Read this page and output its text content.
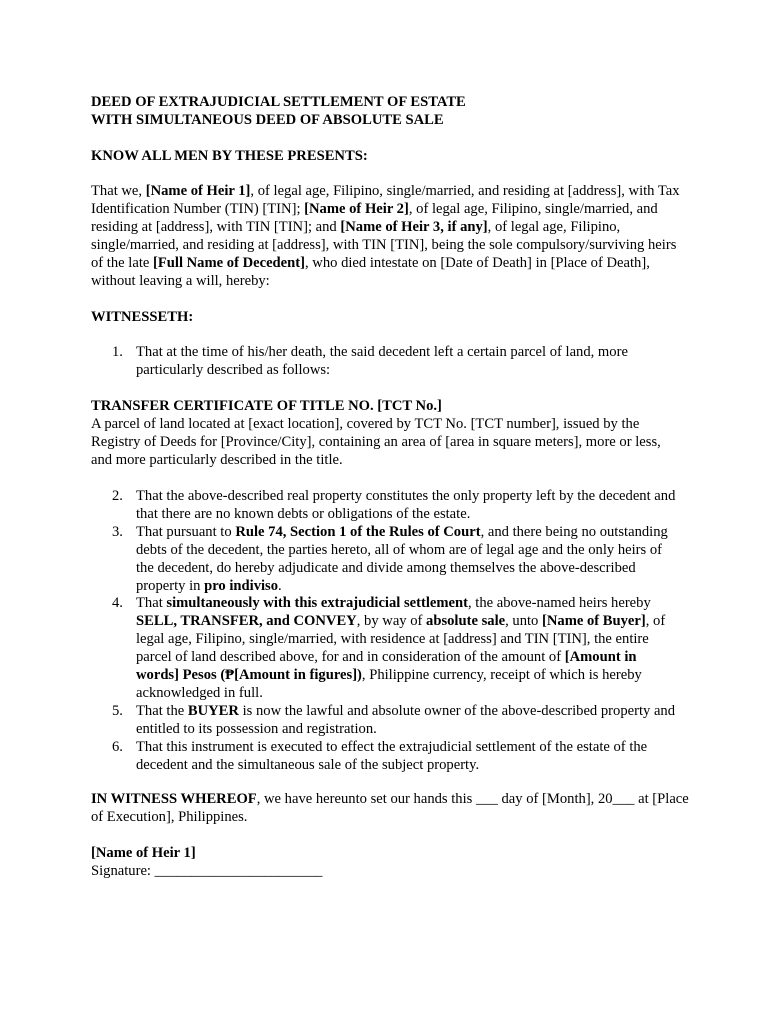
DEED OF EXTRAJUDICIAL SETTLEMENT OF ESTATE
WITH SIMULTANEOUS DEED OF ABSOLUTE SALE

KNOW ALL MEN BY THESE PRESENTS:

That we, [Name of Heir 1], of legal age, Filipino, single/married, and residing at [address], with Tax Identification Number (TIN) [TIN]; [Name of Heir 2], of legal age, Filipino, single/married, and residing at [address], with TIN [TIN]; and [Name of Heir 3, if any], of legal age, Filipino, single/married, and residing at [address], with TIN [TIN], being the sole compulsory/surviving heirs of the late [Full Name of Decedent], who died intestate on [Date of Death] in [Place of Death], without leaving a will, hereby:

WITNESSETH:

1. That at the time of his/her death, the said decedent left a certain parcel of land, more particularly described as follows:

TRANSFER CERTIFICATE OF TITLE NO. [TCT No.]

A parcel of land located at [exact location], covered by TCT No. [TCT number], issued by the Registry of Deeds for [Province/City], containing an area of [area in square meters], more or less, and more particularly described in the title.

2. That the above-described real property constitutes the only property left by the decedent and that there are no known debts or obligations of the estate.
3. That pursuant to Rule 74, Section 1 of the Rules of Court, and there being no outstanding debts of the decedent, the parties hereto, all of whom are of legal age and the only heirs of the decedent, do hereby adjudicate and divide among themselves the above-described property in pro indiviso.
4. That simultaneously with this extrajudicial settlement, the above-named heirs hereby SELL, TRANSFER, and CONVEY, by way of absolute sale, unto [Name of Buyer], of legal age, Filipino, single/married, with residence at [address] and TIN [TIN], the entire parcel of land described above, for and in consideration of the amount of [Amount in words] Pesos (₱[Amount in figures]), Philippine currency, receipt of which is hereby acknowledged in full.
5. That the BUYER is now the lawful and absolute owner of the above-described property and entitled to its possession and registration.
6. That this instrument is executed to effect the extrajudicial settlement of the estate of the decedent and the simultaneous sale of the subject property.

IN WITNESS WHEREOF, we have hereunto set our hands this ___ day of [Month], 20___ at [Place of Execution], Philippines.

[Name of Heir 1]

Signature: _______________________
